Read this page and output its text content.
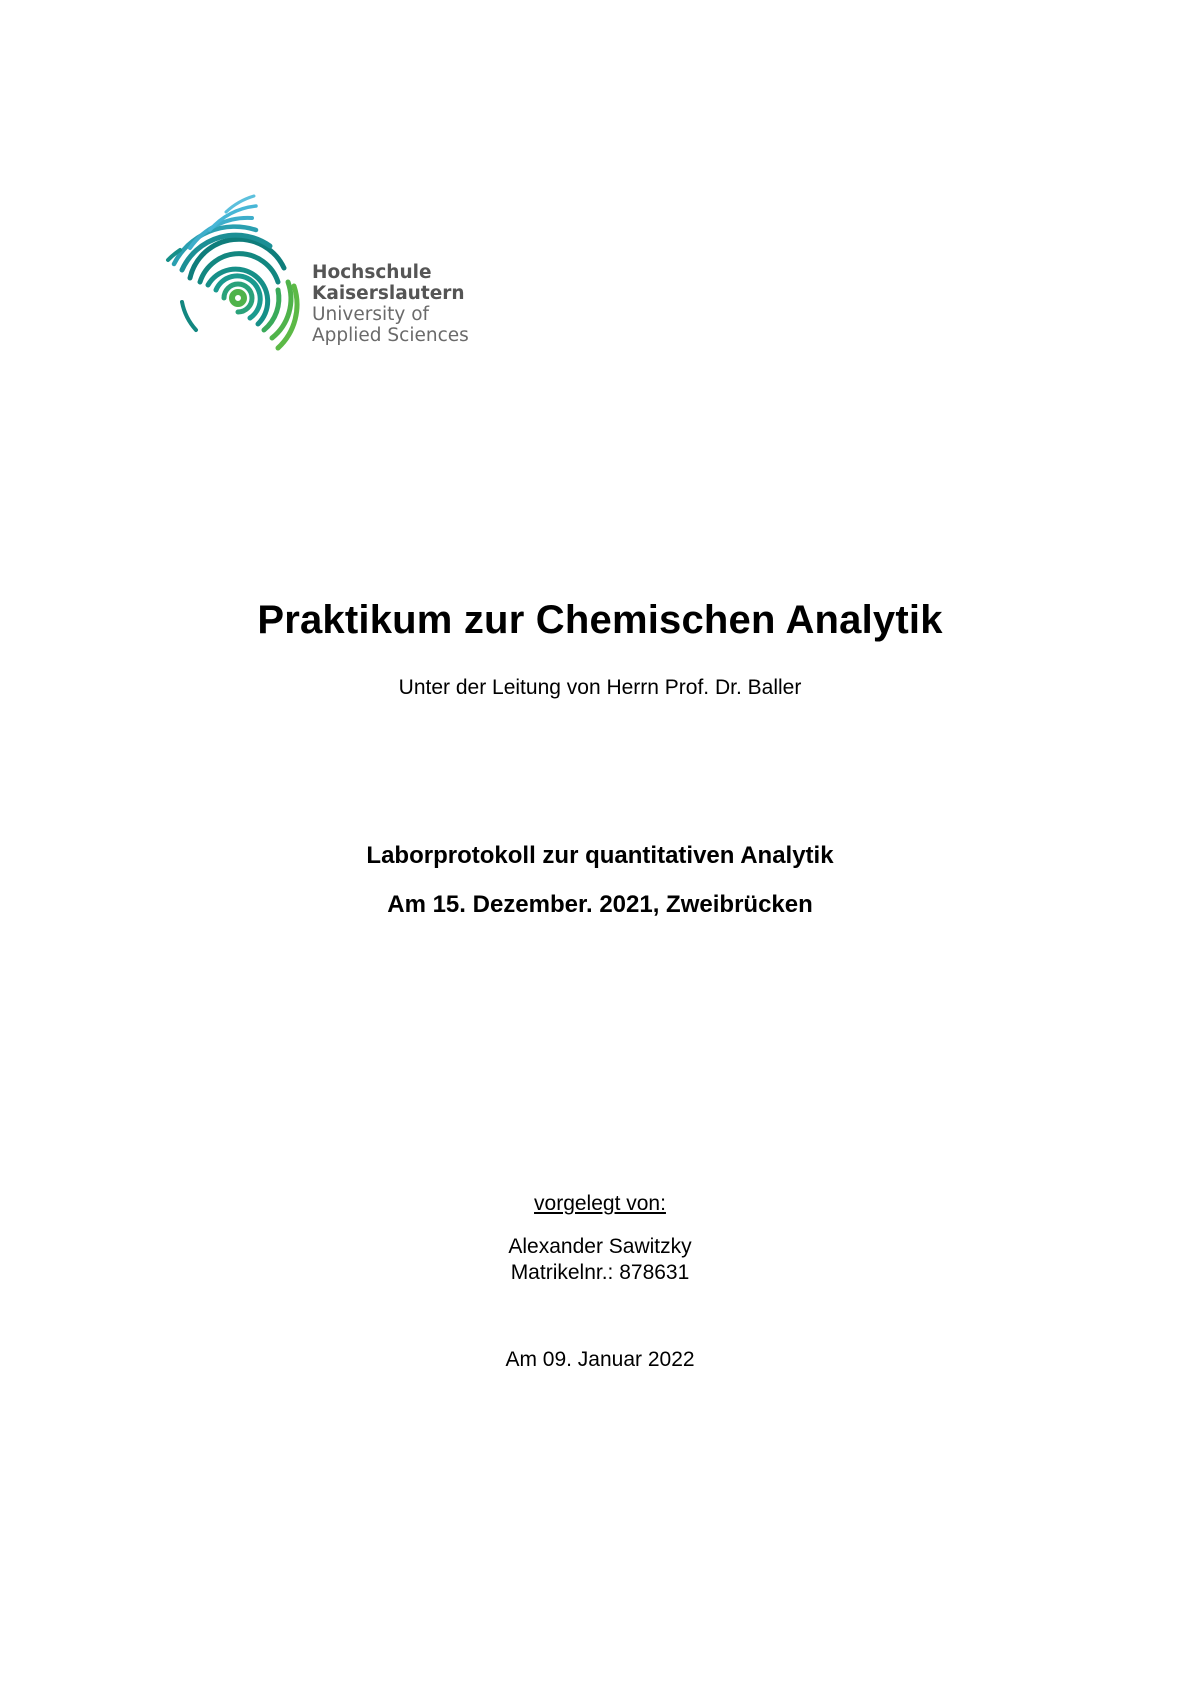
Hochschule
Kaiserslautern
University of
Applied Sciences
Praktikum zur Chemischen Analytik
Unter der Leitung von Herrn Prof. Dr. Baller
Laborprotokoll zur quantitativen Analytik
Am 15. Dezember. 2021, Zweibrücken
vorgelegt von:
Alexander Sawitzky
Matrikelnr.: 878631
Am 09. Januar 2022
